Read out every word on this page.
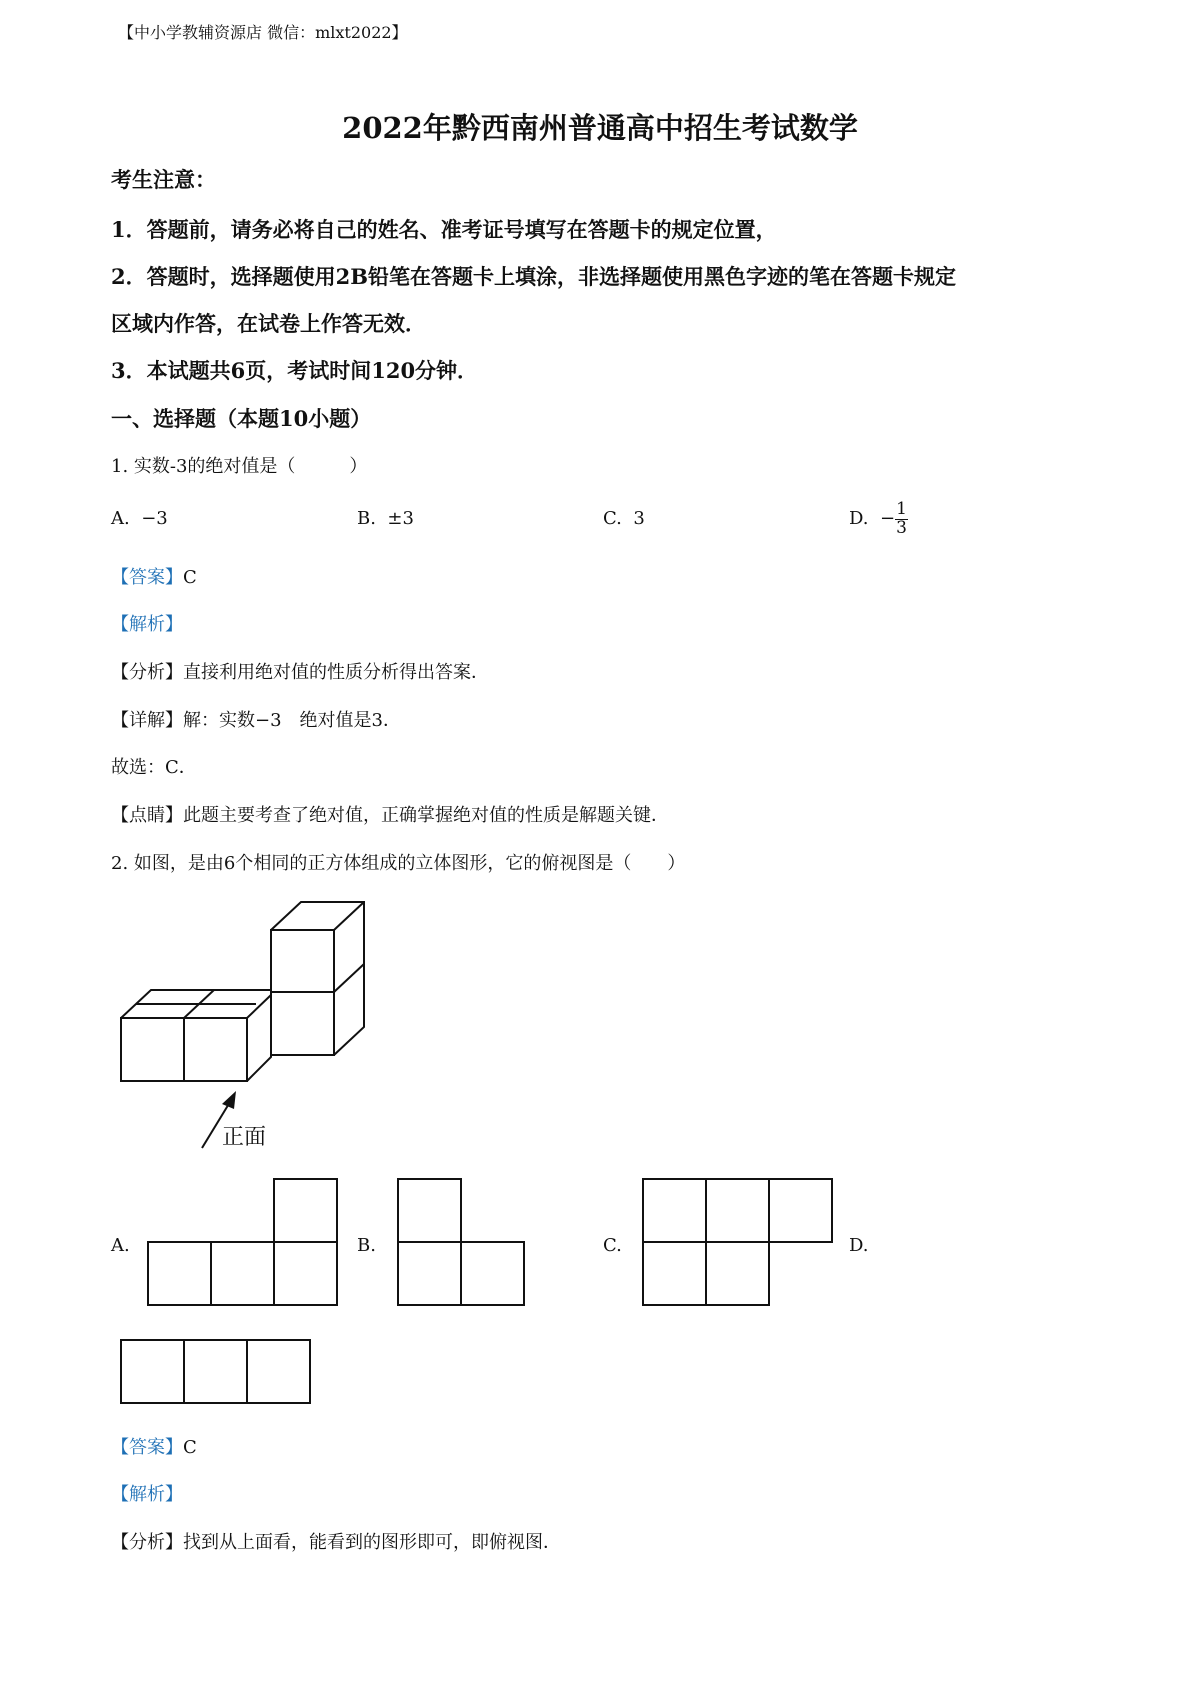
【中小学教辅资源店 微信：mlxt2022】
2022年黔西南州普通高中招生考试数学
考生注意：
1．答题前，请务必将自己的姓名、准考证号填写在答题卡的规定位置，
2．答题时，选择题使用2B铅笔在答题卡上填涂，非选择题使用黑色字迹的笔在答题卡规定
区域内作答，在试卷上作答无效．
3．本试题共6页，考试时间120分钟．
一、选择题（本题10小题）
1. 实数-3的绝对值是（　　　）
A. −3	B. ±3	C. 3	D. − $\frac{1}{3}$
【答案】C
【解析】
【分析】直接利用绝对值的性质分析得出答案．
【详解】解：实数−3　绝对值是3．
故选：C．
【点睛】此题主要考查了绝对值，正确掌握绝对值的性质是解题关键．
2. 如图，是由6个相同的正方体组成的立体图形，它的俯视图是（　　）
正面
A.	B.	C.	D.
【答案】C
【解析】
【分析】找到从上面看，能看到的图形即可，即俯视图．
